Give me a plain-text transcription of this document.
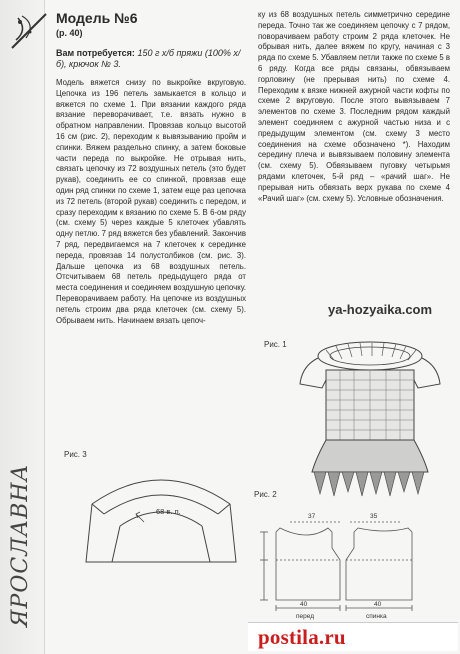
ЯРОСЛАВНА
Модель №6
(р. 40)
Вам потребуется: 150 г х/б пряжи (100% х/б), крючок № 3.

Модель вяжется снизу по выкройке вкруговую. Цепочка из 196 петель замыкается в кольцо и вяжется по схеме 1. При вязании каждого ряда вязание переворачивает, т.е. вязать нужно в обратном направлении. Провязав кольцо высотой 16 см (рис. 2), переходим к вывязыванию пройм и спинки. Вяжем раздельно спинку, а затем боковые части переда по выкройке. Не отрывая нить, связать цепочку из 72 воздушных петель (это будет рукав), соединить ее со спинкой, провязав еще один ряд спинки по схеме 1, затем еще раз цепочка из 72 петель (второй рукав) соединить с передом, и сразу переходим к вязанию по схеме 5. В 6-ом ряду (см. схему 5) через каждые 5 клеточек убавлять одну петлю. 7 ряд вяжется без убавлений. Закончив 7 ряд, передвигаемся на 7 клеточек к серединке переда, провязав 14 полустолбиков (см. рис. 3). Дальше цепочка из 68 воздушных петель. Отсчитываем 68 петель предыдущего ряда от места соединения и соединяем воздушную цепочку. Переворачиваем работу. На цепочке из воздушных петель строим два ряда клеточек (см. схему 5). Обрываем нить. Начинаем вязать цепоч-

ку из 68 воздушных петель симметрично середине переда. Точно так же соединяем цепочку с 7 рядом, поворачиваем работу строим 2 ряда клеточек. Не обрывая нить, далее вяжем по кругу, начиная с 3 ряда по схеме 5. Убавляем петли также по схеме 5 в 6 ряду. Когда все ряды связаны, обвязываем горловину (не прерывая нить) по схеме 4. Переходим к вязке нижней ажурной части кофты по схеме 2 вкруговую. После этого вывязываем 7 элементов по схеме 3. Последним рядом каждый элемент соединяем с ажурной частью низа и с предыдущим элементом (см. схему 3 место соединения на схеме обозначено *). Находим середину плеча и вывязываем половину элемента (см. схему 5). Обвязываем пуговку четырьмя рядами клеточек, 5-й ряд – «рачий шаг». Не прерывая нить обвязать верх рукава по схеме 4 «Рачий шаг» (см. схему 5). Условные обозначения.

ya-hozyaika.com
Рис. 1
Рис. 3
68 в. п.
Рис. 2
37	35
40	40
перед	спинка
postila.ru
